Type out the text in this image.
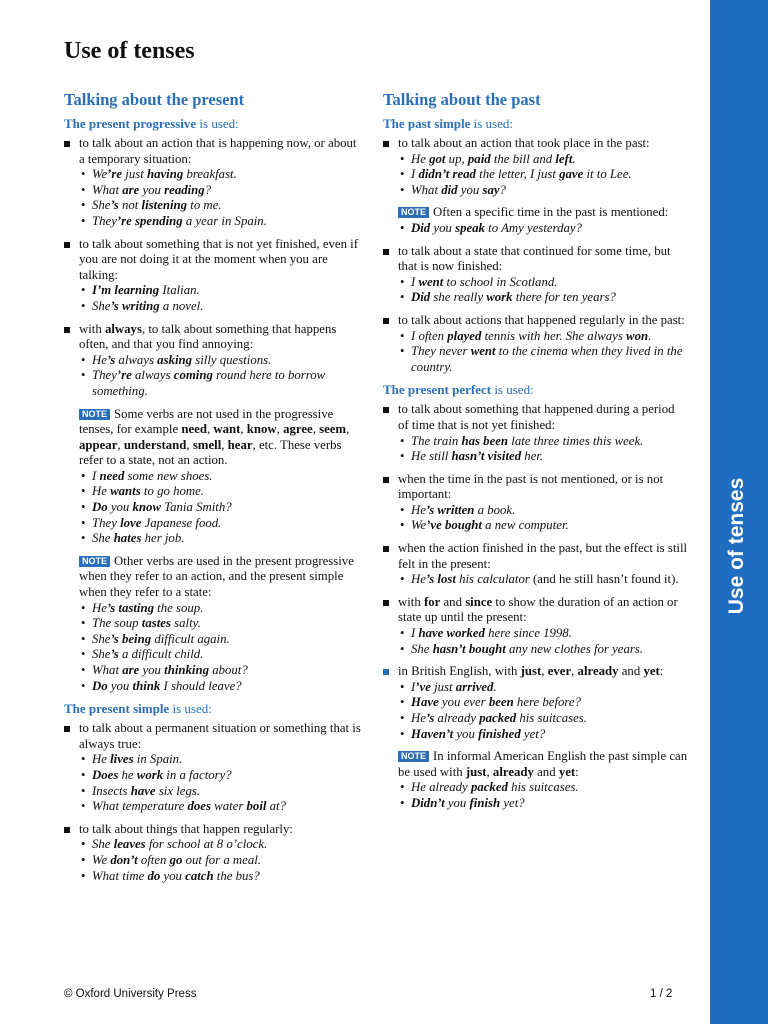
Use of tenses
Talking about the present
The present progressive is used:
to talk about an action that is happening now, or about a temporary situation:
• We’re just having breakfast.
• What are you reading?
• She’s not listening to me.
• They’re spending a year in Spain.
to talk about something that is not yet finished, even if you are not doing it at the moment when you are talking:
• I’m learning Italian.
• She’s writing a novel.
with always, to talk about something that happens often, and that you find annoying:
• He’s always asking silly questions.
• They’re always coming round here to borrow something.
NOTE Some verbs are not used in the progressive tenses, for example need, want, know, agree, seem, appear, understand, smell, hear, etc. These verbs refer to a state, not an action.
• I need some new shoes.
• He wants to go home.
• Do you know Tania Smith?
• They love Japanese food.
• She hates her job.
NOTE Other verbs are used in the present progressive when they refer to an action, and the present simple when they refer to a state:
• He’s tasting the soup.
• The soup tastes salty.
• She’s being difficult again.
• She’s a difficult child.
• What are you thinking about?
• Do you think I should leave?
The present simple is used:
to talk about a permanent situation or something that is always true:
• He lives in Spain.
• Does he work in a factory?
• Insects have six legs.
• What temperature does water boil at?
to talk about things that happen regularly:
• She leaves for school at 8 o’clock.
• We don’t often go out for a meal.
• What time do you catch the bus?
Talking about the past
The past simple is used:
to talk about an action that took place in the past:
• He got up, paid the bill and left.
• I didn’t read the letter, I just gave it to Lee.
• What did you say?
NOTE Often a specific time in the past is mentioned:
• Did you speak to Amy yesterday?
to talk about a state that continued for some time, but that is now finished:
• I went to school in Scotland.
• Did she really work there for ten years?
to talk about actions that happened regularly in the past:
• I often played tennis with her. She always won.
• They never went to the cinema when they lived in the country.
The present perfect is used:
to talk about something that happened during a period of time that is not yet finished:
• The train has been late three times this week.
• He still hasn’t visited her.
when the time in the past is not mentioned, or is not important:
• He’s written a book.
• We’ve bought a new computer.
when the action finished in the past, but the effect is still felt in the present:
• He’s lost his calculator (and he still hasn’t found it).
with for and since to show the duration of an action or state up until the present:
• I have worked here since 1998.
• She hasn’t bought any new clothes for years.
in British English, with just, ever, already and yet:
• I’ve just arrived.
• Have you ever been here before?
• He’s already packed his suitcases.
• Haven’t you finished yet?
NOTE In informal American English the past simple can be used with just, already and yet:
• He already packed his suitcases.
• Didn’t you finish yet?
Use of tenses
© Oxford University Press	1 / 2
